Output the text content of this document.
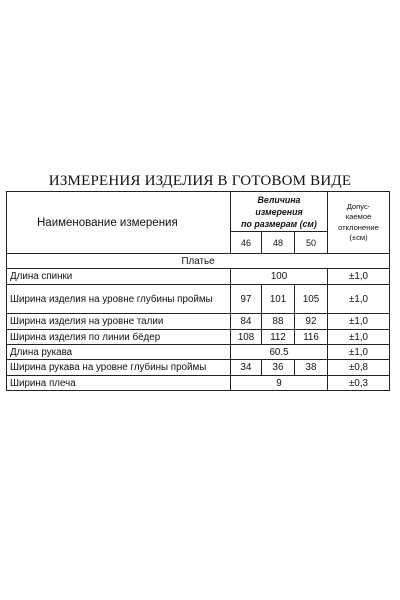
ИЗМЕРЕНИЯ ИЗДЕЛИЯ В ГОТОВОМ ВИДЕ
Наименование измерения	Величина измерения
по размерам (см)			Допус-
каемое
отклонение
(±см)
	46	48	50	
Платье				
Длина спинки	100			±1,0
Ширина изделия на уровне глубины проймы	97	101	105	±1,0
Ширина изделия на уровне талии	84	88	92	±1,0
Ширина изделия по линии бёдер	108	112	116	±1,0
Длина рукава	60.5			±1,0
Ширина рукава на уровне глубины проймы	34	36	38	±0,8
Ширина плеча	9			±0,3
